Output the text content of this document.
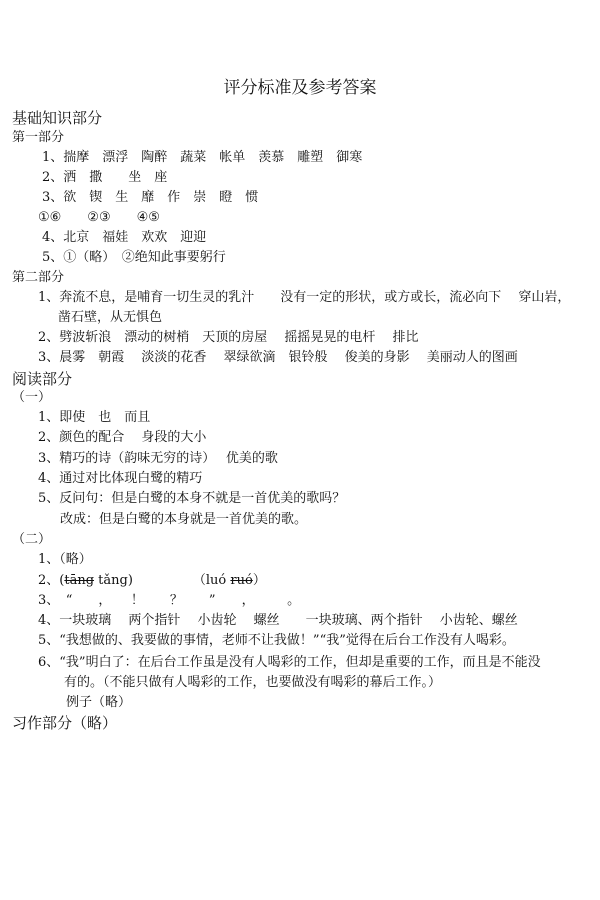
评分标准及参考答案
基础知识部分
第一部分
1、揣摩　漂浮　陶醉　蔬菜　帐单　羡慕　雕塑　御寒
2、洒　撒　　坐　座
3、欲　锲　生　靡　作　崇　瞪　惯
①⑥　　②③　　④⑤
4、北京　福娃　欢欢　迎迎
5、①（略）　②绝知此事要躬行
第二部分
1、奔流不息，是哺育一切生灵的乳汁　　没有一定的形状，或方或长，流必向下　 穿山岩，
凿石壁，从无惧色
2、劈波斩浪　漂动的树梢　天顶的房屋　 摇摇晃晃的电杆　 排比
3、晨雾　朝霞　 淡淡的花香　 翠绿欲滴　银铃般　 俊美的身影　 美丽动人的图画
阅读部分
（一）
1、即使　也　而且
2、颜色的配合　 身段的大小
3、精巧的诗（韵味无穷的诗）　 优美的歌
4、通过对比体现白鹭的精巧
5、反问句：但是白鹭的本身不就是一首优美的歌吗？
改成：但是白鹭的本身就是一首优美的歌。
（二）
1、（略）
2、(tāng tǎng)	（luó ruó）
3、　“　　，　　！　　？　　”　　，　　　。
4、一块玻璃　 两个指针　 小齿轮　 螺丝　　一块玻璃、两个指针　 小齿轮、螺丝
5、“我想做的、我要做的事情，老师不让我做！”“我”觉得在后台工作没有人喝彩。
6、“我”明白了：在后台工作虽是没有人喝彩的工作，但却是重要的工作，而且是不能没
有的。（不能只做有人喝彩的工作，也要做没有喝彩的幕后工作。）
例子（略）
习作部分（略）
